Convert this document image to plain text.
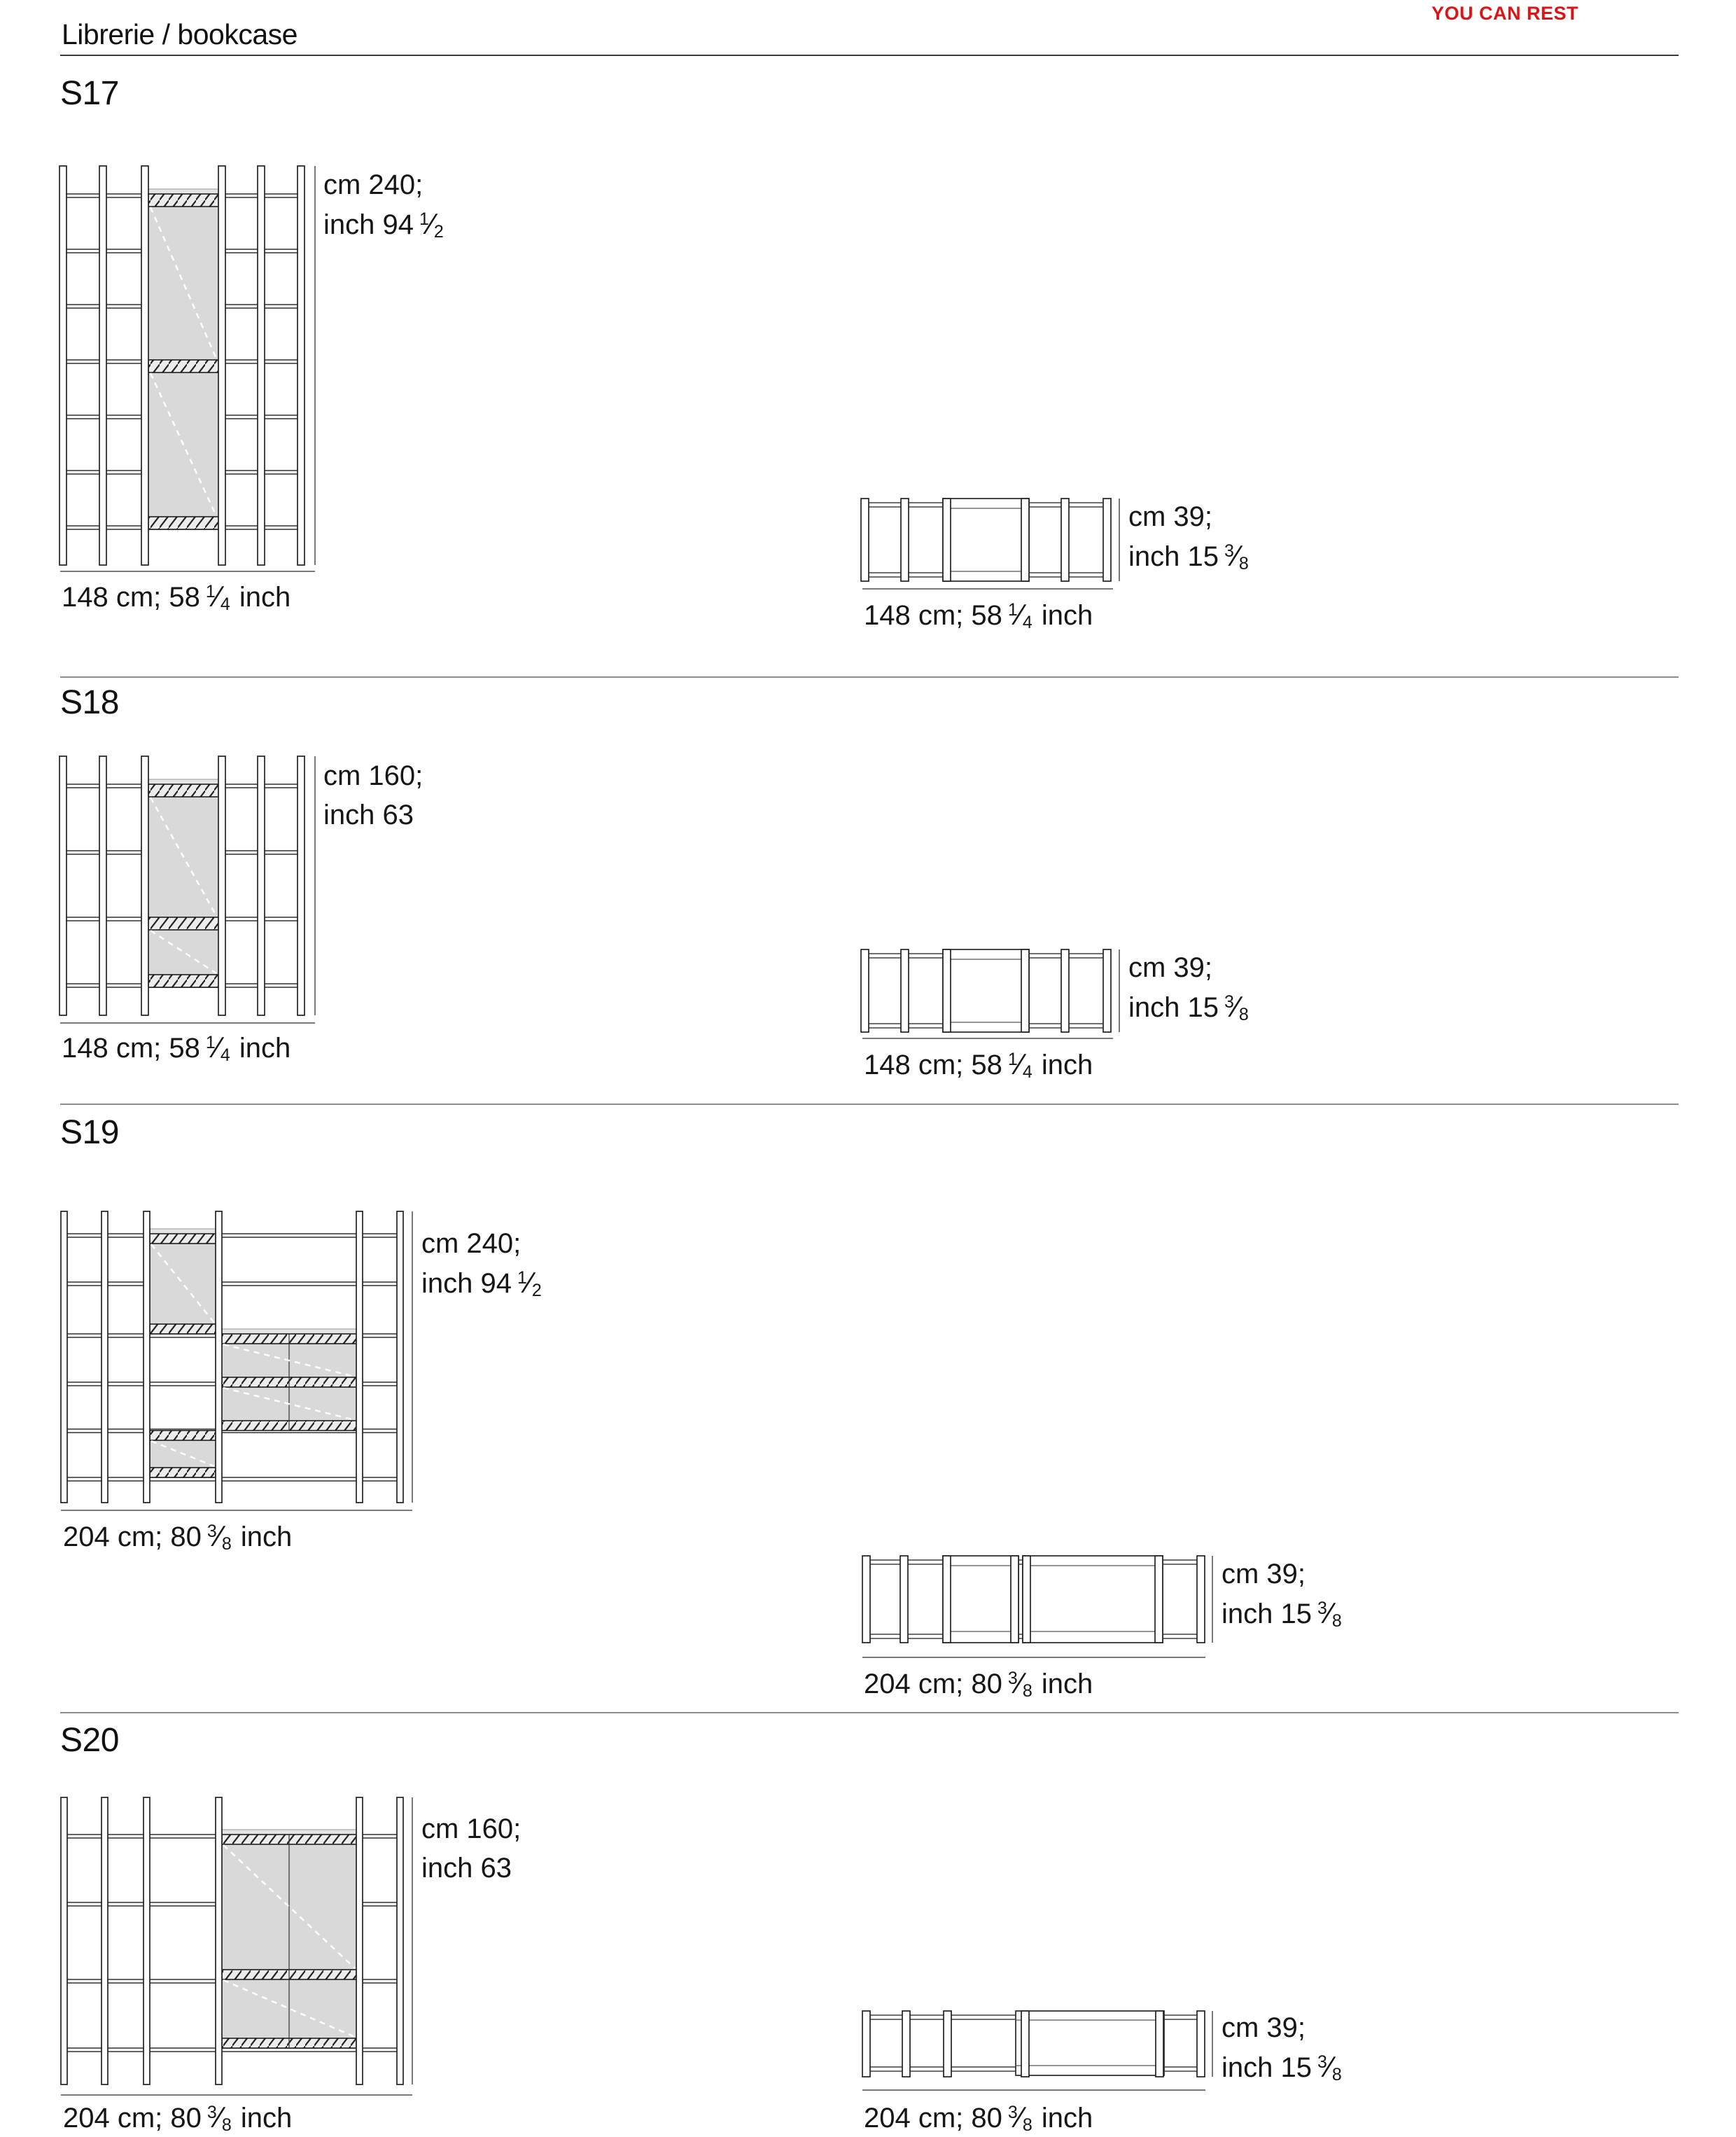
Librerie / bookcase
YOU CAN REST
S17
cm 240;
inch 94 $^1$⁄ 2
148 cm; 58 $^1$⁄ 4 inch
cm 39;
inch 15 $^3$⁄ 8
148 cm; 58 $^1$⁄ 4 inch
S18
cm 160;
inch 63
148 cm; 58 $^1$⁄ 4 inch
cm 39;
inch 15 $^3$⁄ 8
148 cm; 58 $^1$⁄ 4 inch
S19
cm 240;
inch 94 $^1$⁄ 2
204 cm; 80 $^3$⁄ 8 inch
cm 39;
inch 15 $^3$⁄ 8
204 cm; 80 $^3$⁄ 8 inch
S20
cm 160;
inch 63
204 cm; 80 $^3$⁄ 8 inch
cm 39;
inch 15 $^3$⁄ 8
204 cm; 80 $^3$⁄ 8 inch
